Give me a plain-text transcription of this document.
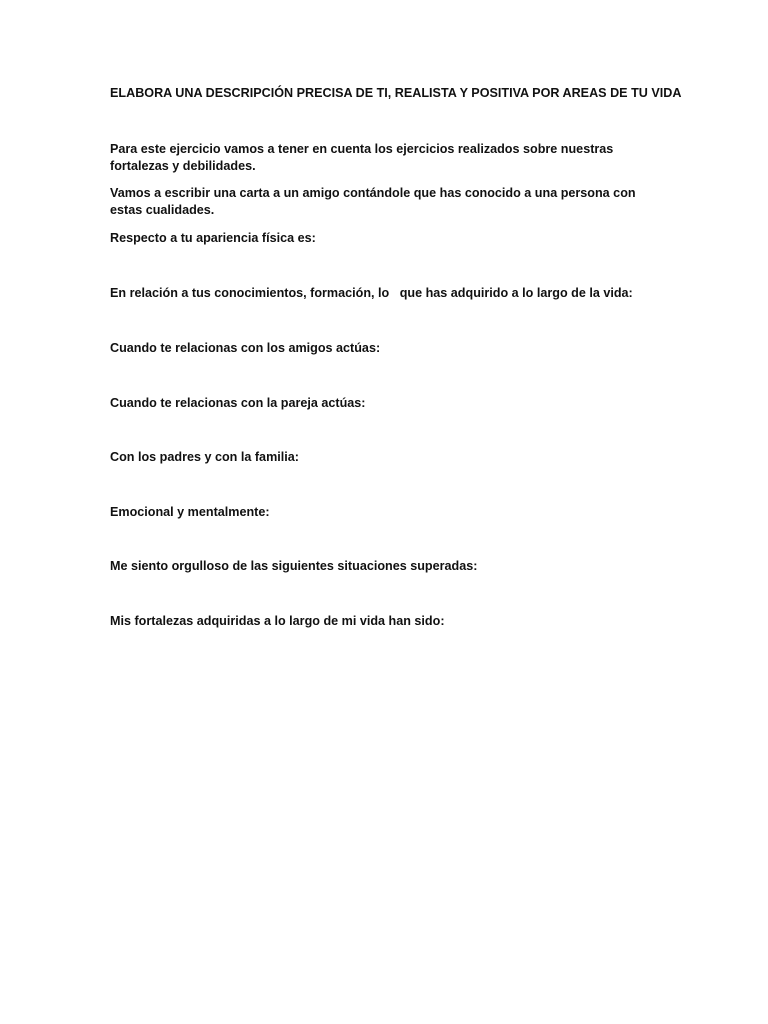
ELABORA UNA DESCRIPCIÓN PRECISA DE TI, REALISTA Y POSITIVA POR AREAS DE TU VIDA
Para este ejercicio vamos a tener en cuenta los ejercicios realizados sobre nuestras fortalezas y debilidades.
Vamos a escribir una carta a un amigo contándole que has conocido a una persona con estas cualidades.
Respecto a tu apariencia física es:
En relación a tus conocimientos, formación, lo   que has adquirido a lo largo de la vida:
Cuando te relacionas con los amigos actúas:
Cuando te relacionas con la pareja actúas:
Con los padres y con la familia:
Emocional y mentalmente:
Me siento orgulloso de las siguientes situaciones superadas:
Mis fortalezas adquiridas a lo largo de mi vida han sido:
